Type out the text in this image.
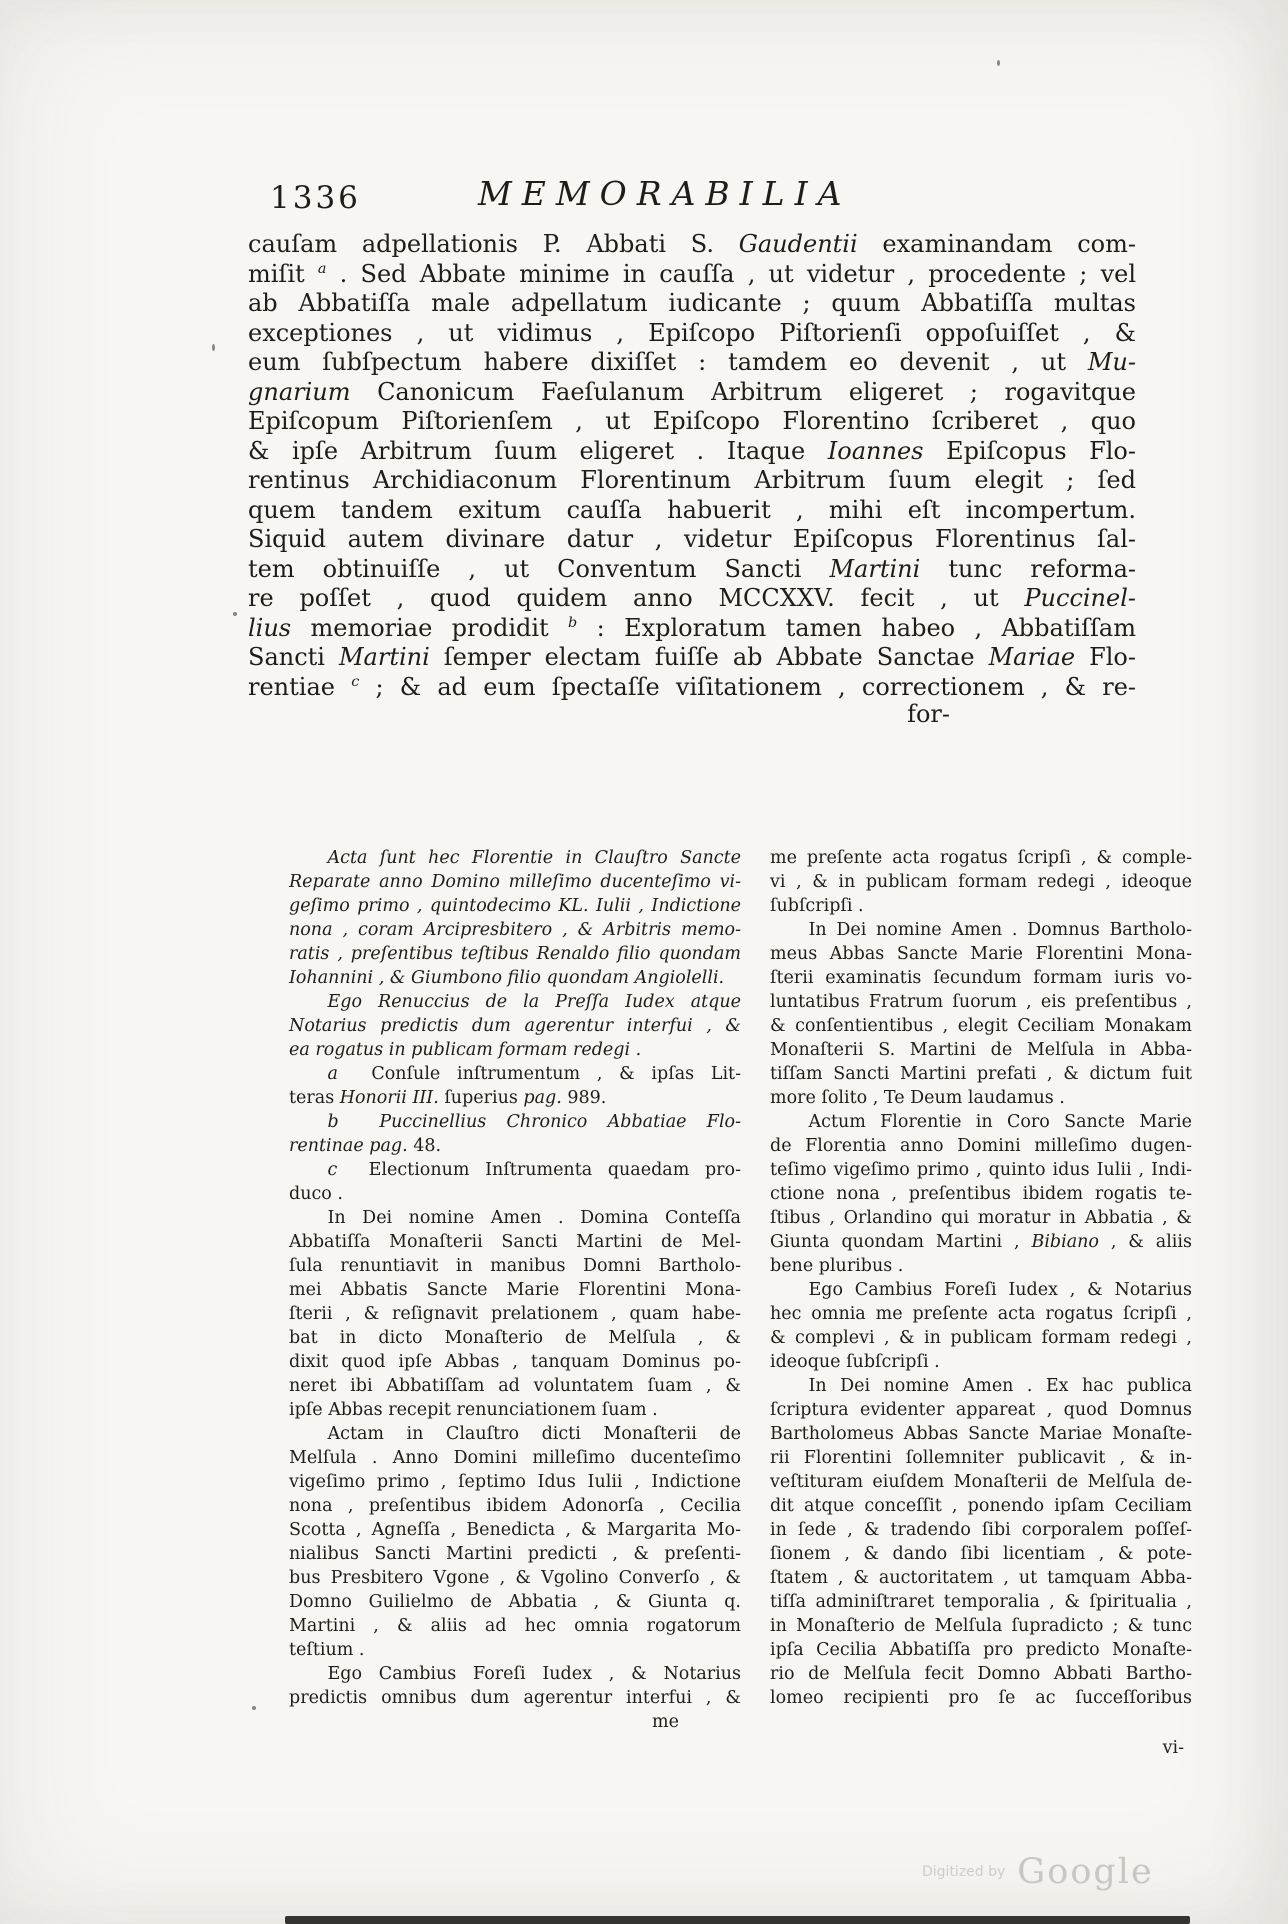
1336	MEMORABILIA
cauſam adpellationis P. Abbati S. Gaudentii examinandam com-
miſit $^a$ . Sed Abbate minime in cauſſa , ut videtur , procedente ; vel
ab Abbatiſſa male adpellatum iudicante ; quum Abbatiſſa multas
exceptiones , ut vidimus , Epiſcopo Piſtorienſi oppoſuiſſet , &
eum ſubſpectum habere dixiſſet : tamdem eo devenit , ut Mu-
gnarium Canonicum Faeſulanum Arbitrum eligeret ; rogavitque
Epiſcopum Piſtorienſem , ut Epiſcopo Florentino ſcriberet , quo
& ipſe Arbitrum ſuum eligeret . Itaque Ioannes Epiſcopus Flo-
rentinus Archidiaconum Florentinum Arbitrum ſuum elegit ; ſed
quem tandem exitum cauſſa habuerit , mihi eſt incompertum.
Siquid autem divinare datur , videtur Epiſcopus Florentinus ſal-
tem obtinuiſſe , ut Conventum Sancti Martini tunc reforma-
re poſſet , quod quidem anno MCCXXV. fecit , ut Puccinel-
lius memoriae prodidit $^b$ : Exploratum tamen habeo , Abbatiſſam
Sancti Martini ſemper electam fuiſſe ab Abbate Sanctae Mariae Flo-
rentiae $^c$ ; & ad eum ſpectaſſe viſitationem , correctionem , & re-
for-
Acta ſunt hec Florentie in Clauſtro Sancte
Reparate anno Domino milleſimo ducenteſimo vi-
geſimo primo , quintodecimo KL. Iulii , Indictione
nona , coram Arcipresbitero , & Arbitris memo-
ratis , preſentibus teſtibus Renaldo filio quondam
Iohannini , & Giumbono filio quondam Angiolelli.
Ego Renuccius de la Preſſa Iudex atque
Notarius predictis dum agerentur interfui , &
ea rogatus in publicam formam redegi .
a  Conſule inſtrumentum , & ipſas Lit-
teras Honorii III. ſuperius pag. 989.
b Puccinellius Chronico Abbatiae Flo-
rentinae pag. 48.
c  Electionum Inſtrumenta quaedam pro-
duco .
In Dei nomine Amen . Domina Conteſſa
Abbatiſſa Monaſterii Sancti Martini de Mel-
ſula renuntiavit in manibus Domni Bartholo-
mei Abbatis Sancte Marie Florentini Mona-
ſterii , & reſignavit prelationem , quam habe-
bat in dicto Monaſterio de Melſula , &
dixit quod ipſe Abbas , tanquam Dominus po-
neret ibi Abbatiſſam ad voluntatem ſuam , &
ipſe Abbas recepit renunciationem ſuam .
Actam in Clauſtro dicti Monaſterii de
Melſula . Anno Domini milleſimo ducenteſimo
vigeſimo primo , ſeptimo Idus Iulii , Indictione
nona , preſentibus ibidem Adonorſa , Cecilia
Scotta , Agneſſa , Benedicta , & Margarita Mo-
nialibus Sancti Martini predicti , & preſenti-
bus Presbitero Vgone , & Vgolino Converſo , &
Domno Guilielmo de Abbatia , & Giunta q.
Martini , & aliis ad hec omnia rogatorum
teſtium .
Ego Cambius Foreſi Iudex , & Notarius
predictis omnibus dum agerentur interfui , &
me preſente acta rogatus ſcripſi , & comple-
vi , & in publicam formam redegi , ideoque
ſubſcripſi .
In Dei nomine Amen . Domnus Bartholo-
meus Abbas Sancte Marie Florentini Mona-
ſterii examinatis ſecundum formam iuris vo-
luntatibus Fratrum ſuorum , eis preſentibus ,
& conſentientibus , elegit Ceciliam Monakam
Monaſterii S. Martini de Melſula in Abba-
tiſſam Sancti Martini prefati , & dictum fuit
more ſolito , Te Deum laudamus .
Actum Florentie in Coro Sancte Marie
de Florentia anno Domini milleſimo dugen-
teſimo vigeſimo primo , quinto idus Iulii , Indi-
ctione nona , preſentibus ibidem rogatis te-
ſtibus , Orlandino qui moratur in Abbatia , &
Giunta quondam Martini , Bibiano , & aliis
bene pluribus .
Ego Cambius Foreſi Iudex , & Notarius
hec omnia me preſente acta rogatus ſcripſi ,
& complevi , & in publicam formam redegi ,
ideoque ſubſcripſi .
In Dei nomine Amen . Ex hac publica
ſcriptura evidenter appareat , quod Domnus
Bartholomeus Abbas Sancte Mariae Monaſte-
rii Florentini ſollemniter publicavit , & in-
veſtituram eiuſdem Monaſterii de Melſula de-
dit atque conceſſit , ponendo ipſam Ceciliam
in ſede , & tradendo ſibi corporalem poſſeſ-
ſionem , & dando ſibi licentiam , & pote-
ſtatem , & auctoritatem , ut tamquam Abba-
tiſſa adminiſtraret temporalia , & ſpiritualia ,
in Monaſterio de Melſula ſupradicto ; & tunc
ipſa Cecilia Abbatiſſa pro predicto Monaſte-
rio de Melſula fecit Domno Abbati Bartho-
lomeo recipienti pro ſe ac ſucceſſoribus
me
vi-
Digitized by Google
